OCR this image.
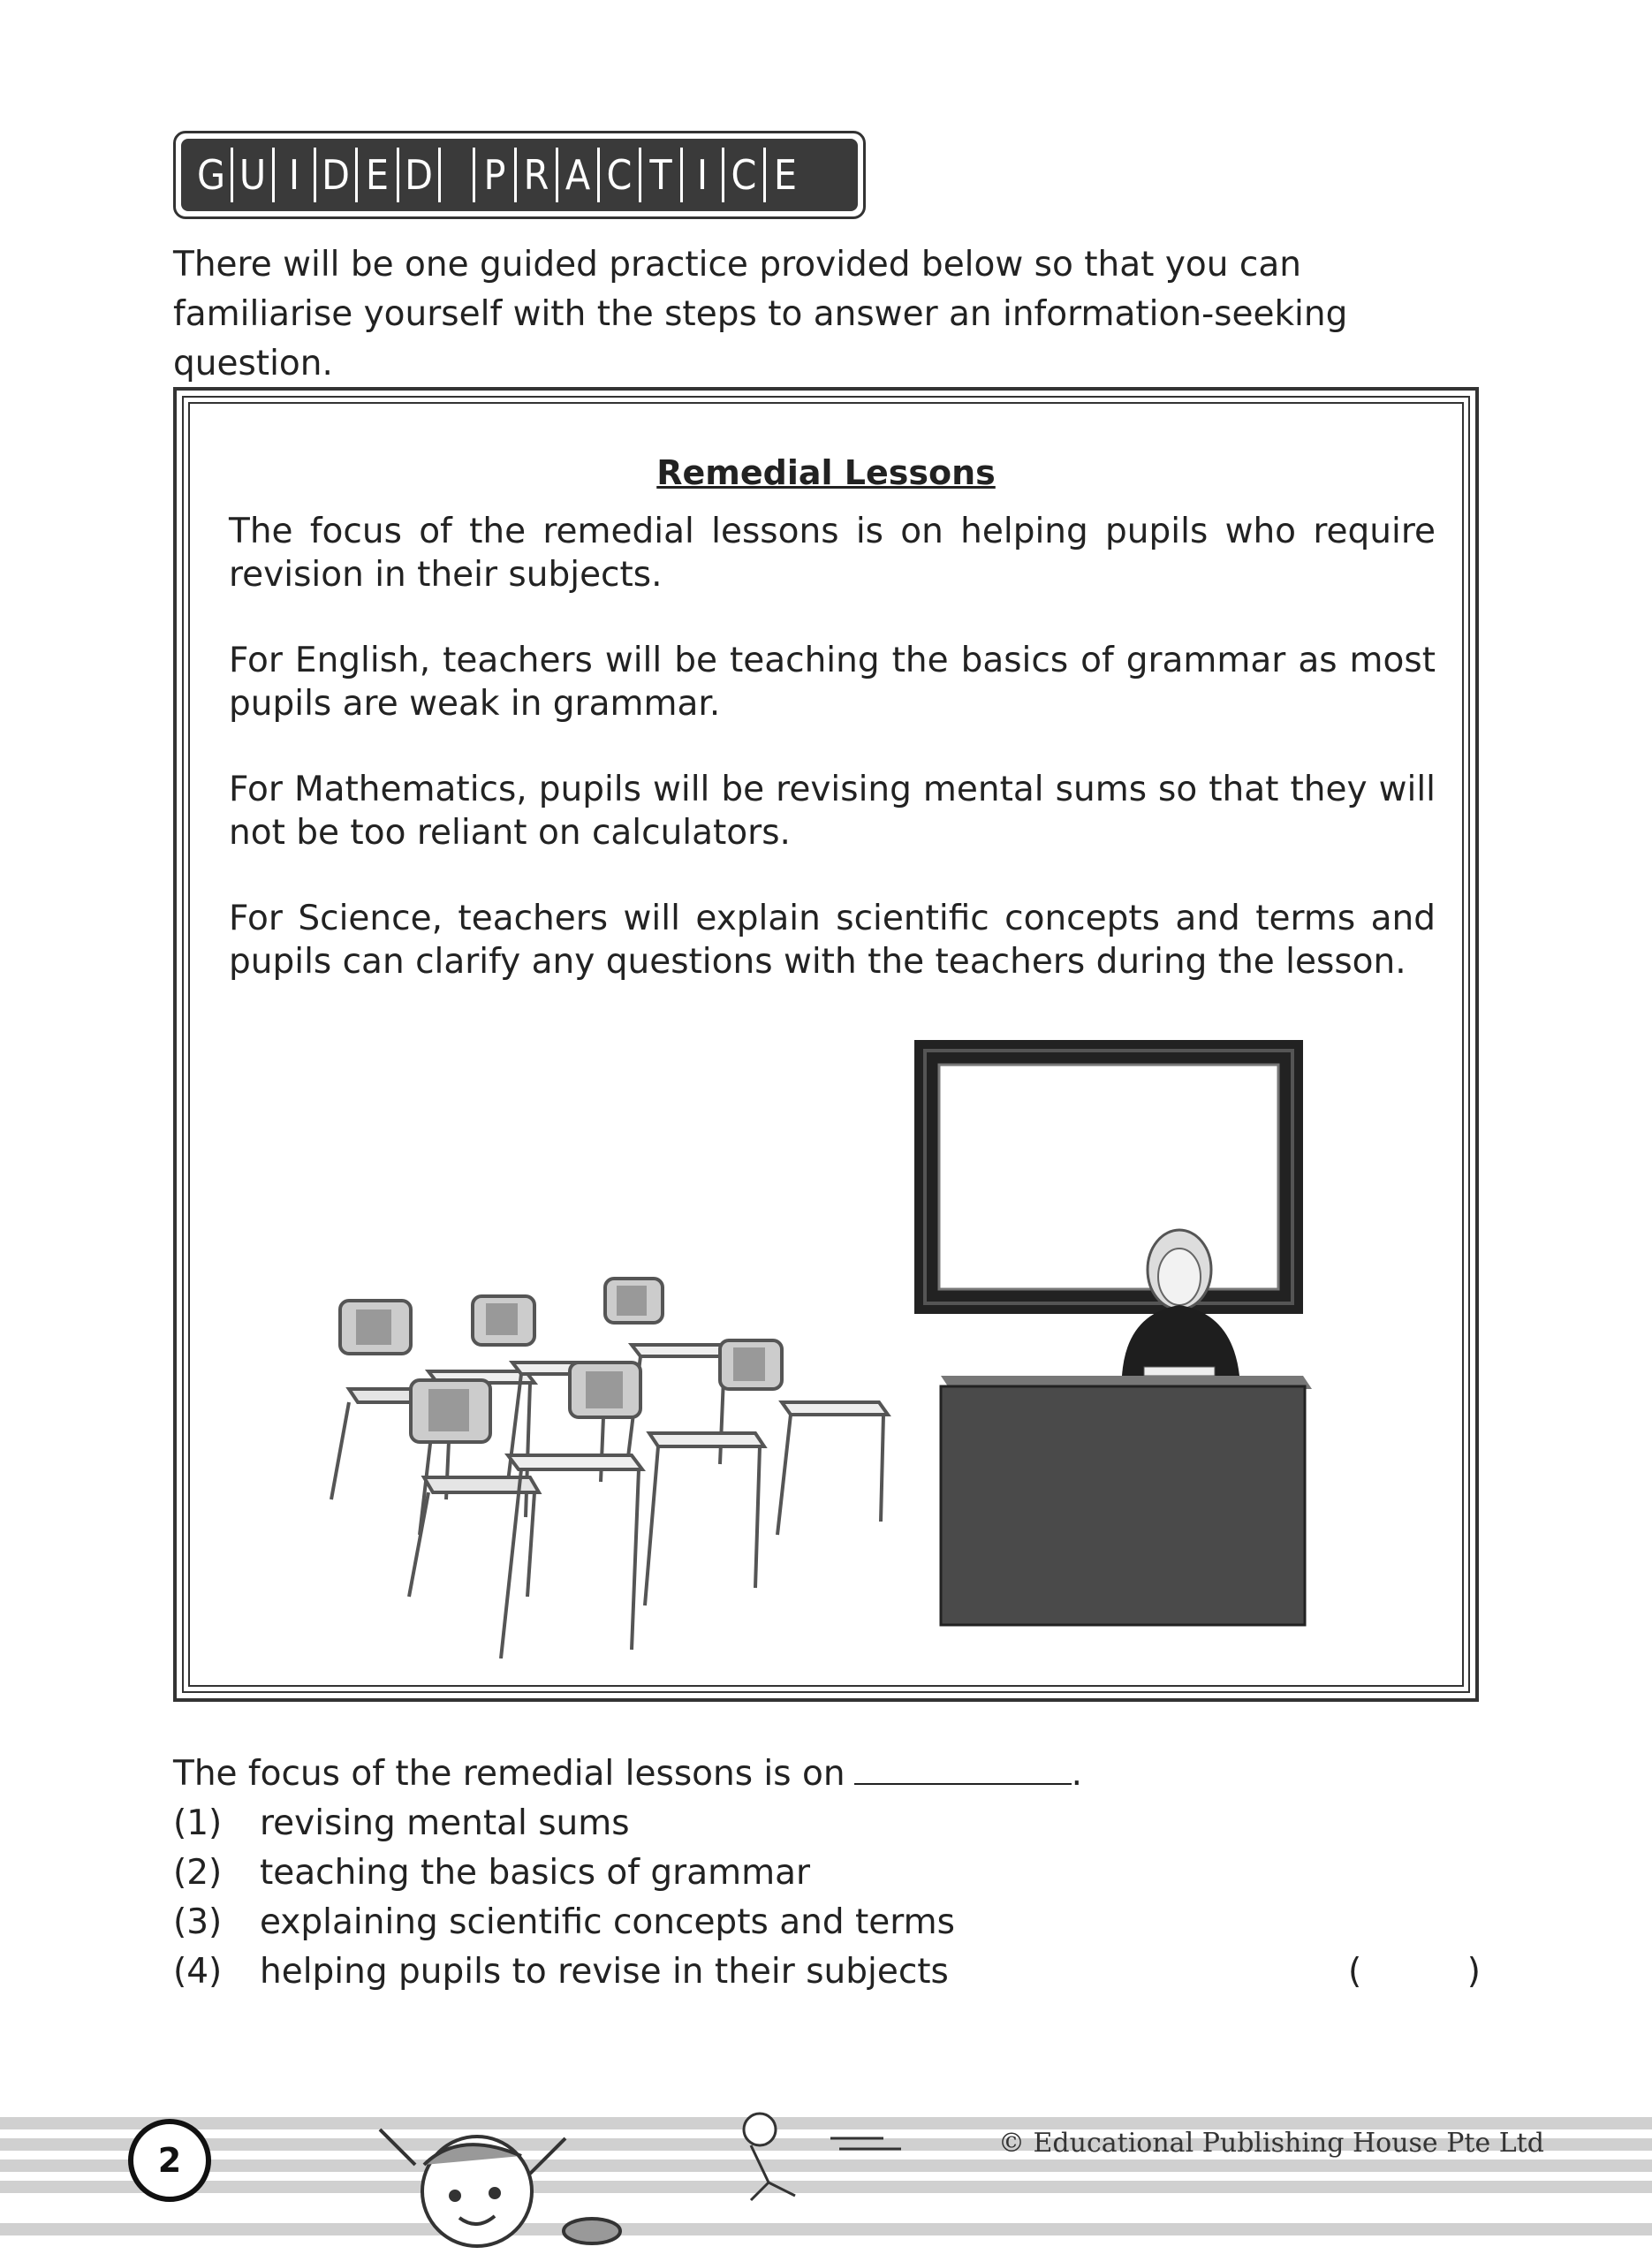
G U I D E D P R A C T I C E
There will be one guided practice provided below so that you can familiarise yourself with the steps to answer an information-seeking question.
Remedial Lessons

The focus of the remedial lessons is on helping pupils who require revision in their subjects.

For English, teachers will be teaching the basics of grammar as most pupils are weak in grammar.

For Mathematics, pupils will be revising mental sums so that they will not be too reliant on calculators.

For Science, teachers will explain scientific concepts and terms and pupils can clarify any questions with the teachers during the lesson.

The focus of the remedial lessons is on	.
(1)	revising mental sums
(2)	teaching the basics of grammar
(3)	explaining scientific concepts and terms
(4)	helping pupils to revise in their subjects	(	)
2	© Educational Publishing House Pte Ltd
